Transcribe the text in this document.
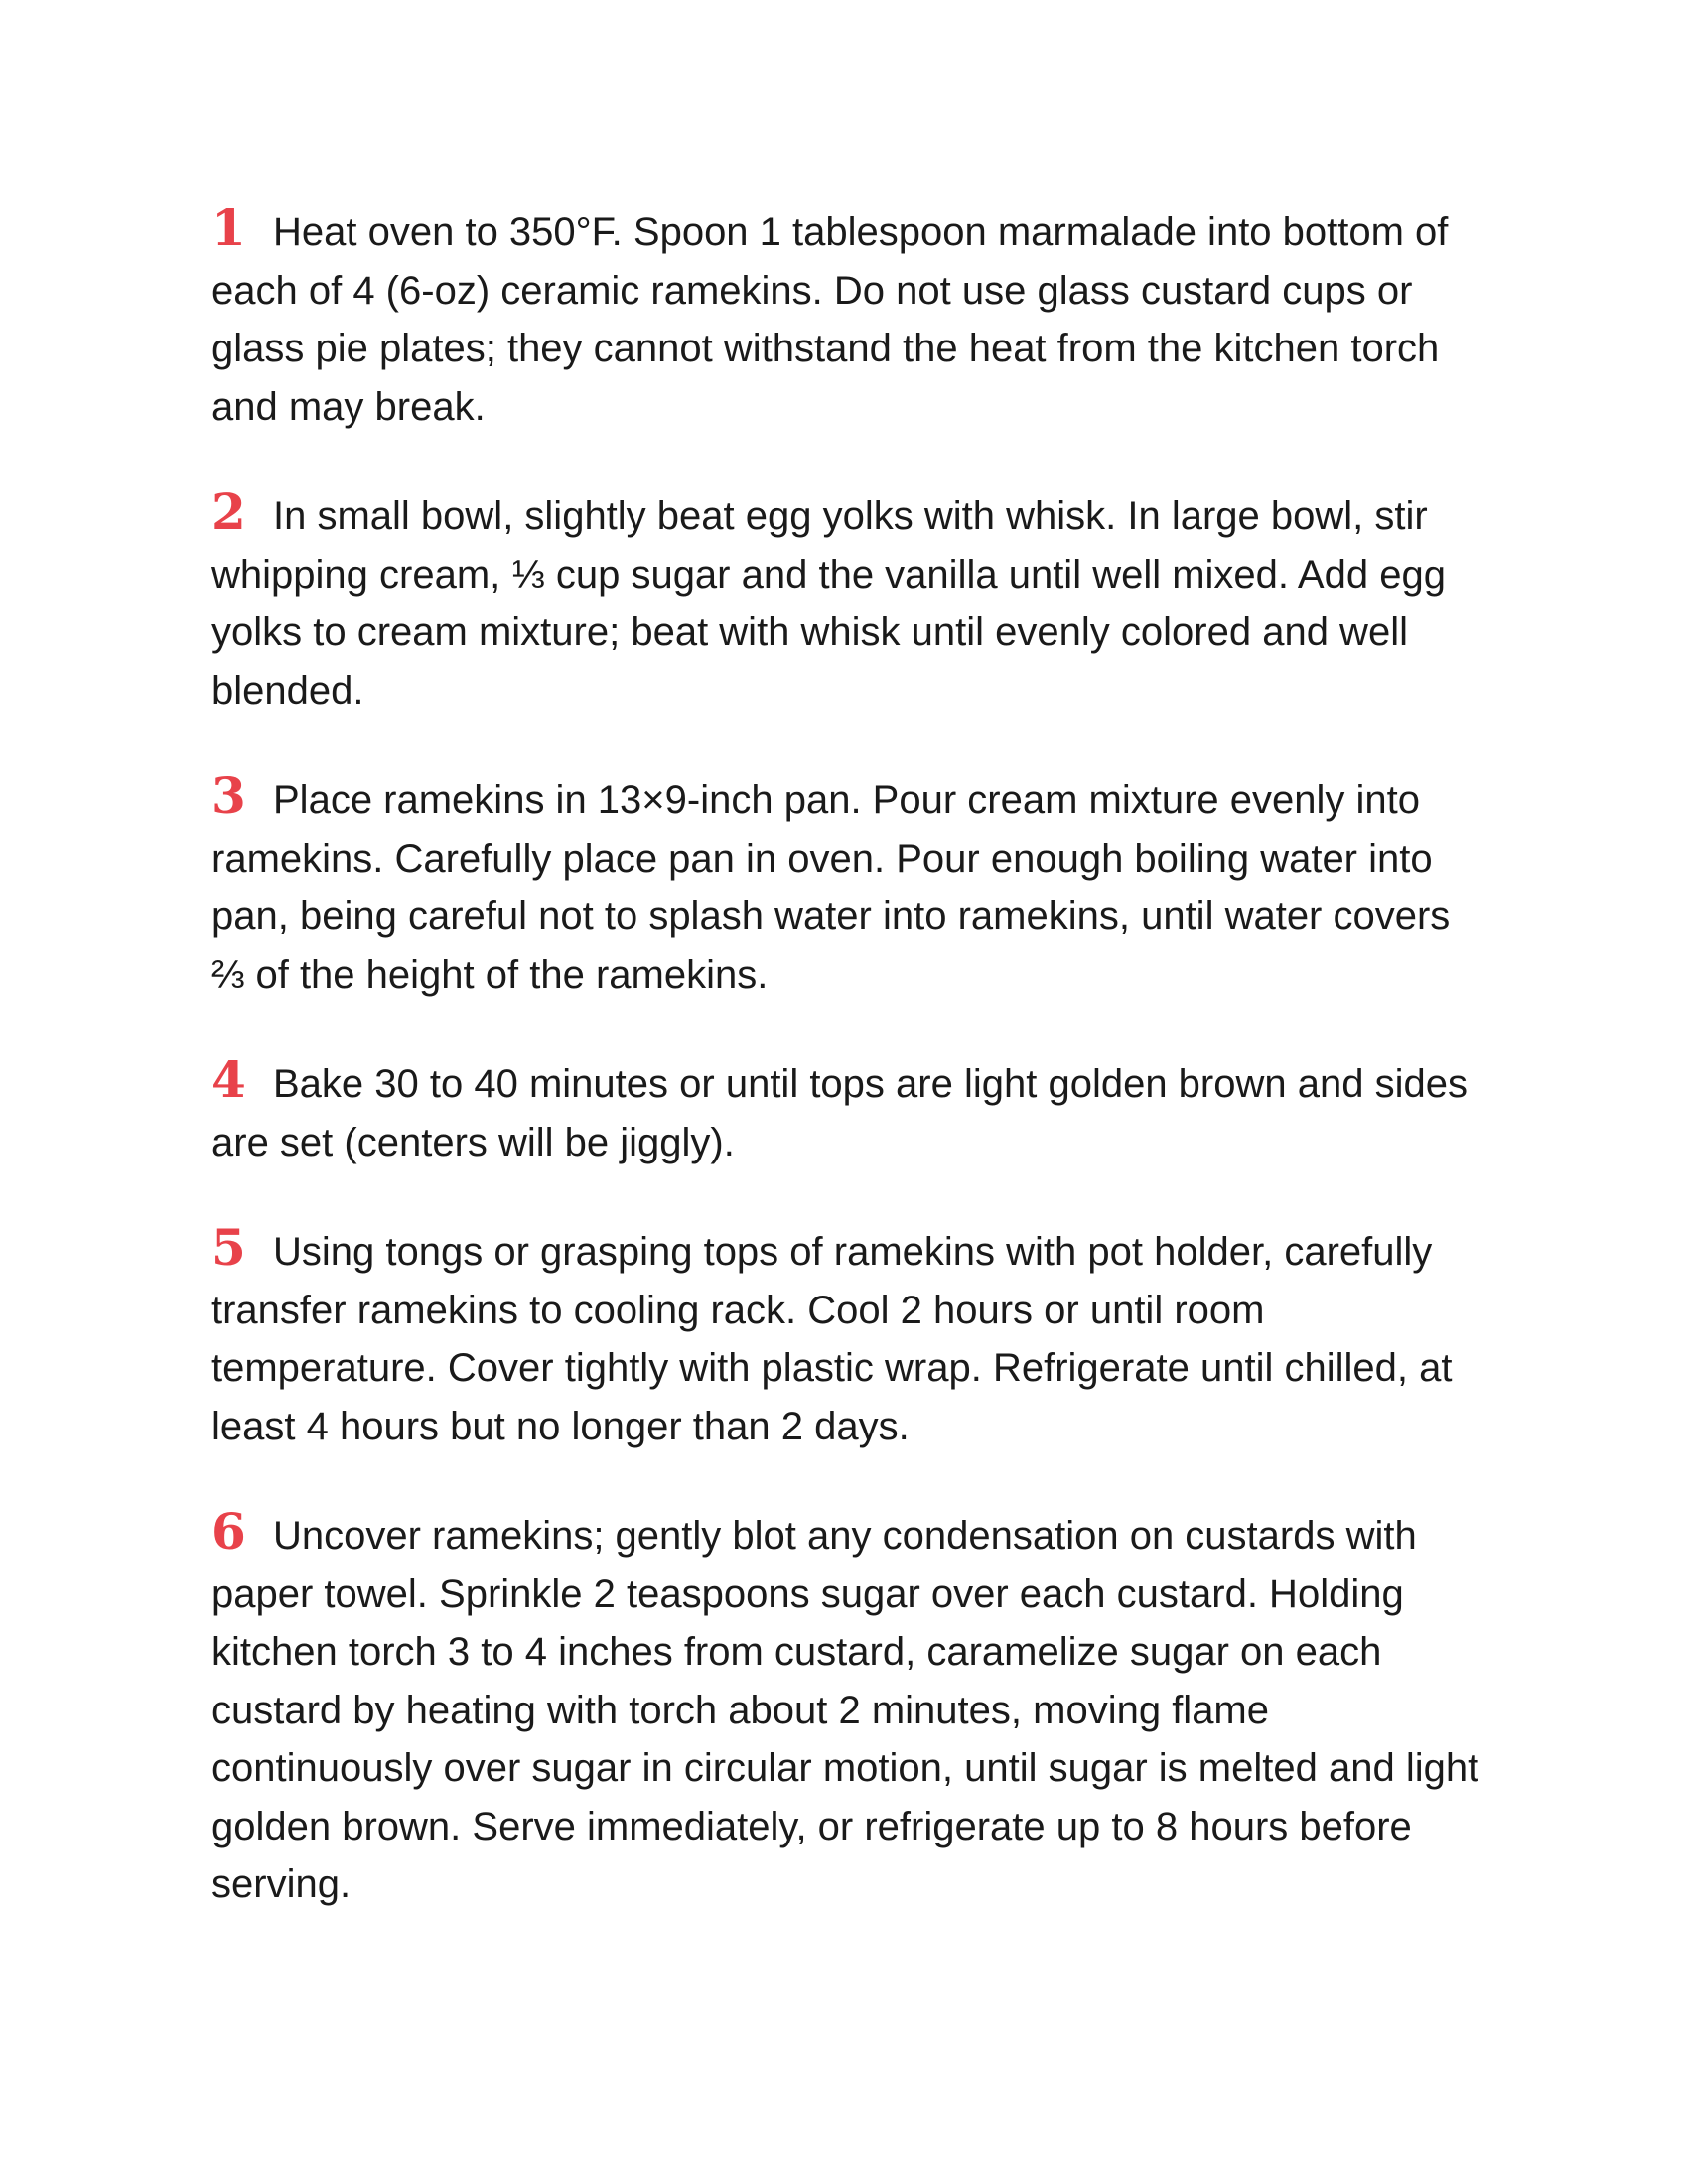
1 Heat oven to 350°F. Spoon 1 tablespoon marmalade into bottom of each of 4 (6-oz) ceramic ramekins. Do not use glass custard cups or glass pie plates; they cannot withstand the heat from the kitchen torch and may break.

2 In small bowl, slightly beat egg yolks with whisk. In large bowl, stir whipping cream, ⅓ cup sugar and the vanilla until well mixed. Add egg yolks to cream mixture; beat with whisk until evenly colored and well blended.

3 Place ramekins in 13×9-inch pan. Pour cream mixture evenly into ramekins. Carefully place pan in oven. Pour enough boiling water into pan, being careful not to splash water into ramekins, until water covers ⅔ of the height of the ramekins.

4 Bake 30 to 40 minutes or until tops are light golden brown and sides are set (centers will be jiggly).

5 Using tongs or grasping tops of ramekins with pot holder, carefully transfer ramekins to cooling rack. Cool 2 hours or until room temperature. Cover tightly with plastic wrap. Refrigerate until chilled, at least 4 hours but no longer than 2 days.

6 Uncover ramekins; gently blot any condensation on custards with paper towel. Sprinkle 2 teaspoons sugar over each custard. Holding kitchen torch 3 to 4 inches from custard, caramelize sugar on each custard by heating with torch about 2 minutes, moving flame continuously over sugar in circular motion, until sugar is melted and light golden brown. Serve immediately, or refrigerate up to 8 hours before serving.
